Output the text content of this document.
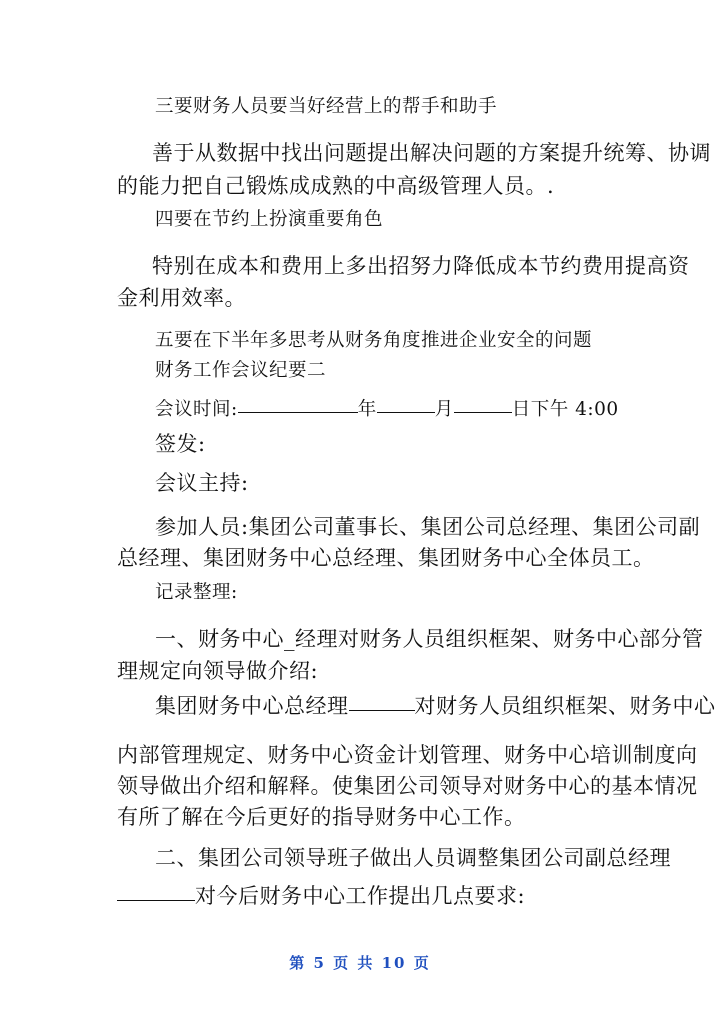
三要财务人员要当好经营上的帮手和助手
善于从数据中找出问题提出解决问题的方案提升统筹、协调
的能力把自己锻炼成成熟的中高级管理人员。.
四要在节约上扮演重要角色
特别在成本和费用上多出招努力降低成本节约费用提高资
金利用效率。
五要在下半年多思考从财务角度推进企业安全的问题
财务工作会议纪要二
会议时间:	年	月	日下午 4:00
签发:
会议主持:
参加人员:集团公司董事长、集团公司总经理、集团公司副
总经理、集团财务中心总经理、集团财务中心全体员工。
记录整理:
一、财务中心_经理对财务人员组织框架、财务中心部分管
理规定向领导做介绍:
集团财务中心总经理	对财务人员组织框架、财务中心
内部管理规定、财务中心资金计划管理、财务中心培训制度向
领导做出介绍和解释。使集团公司领导对财务中心的基本情况
有所了解在今后更好的指导财务中心工作。
二、集团公司领导班子做出人员调整集团公司副总经理
对今后财务中心工作提出几点要求:
第 5 页 共 10 页
